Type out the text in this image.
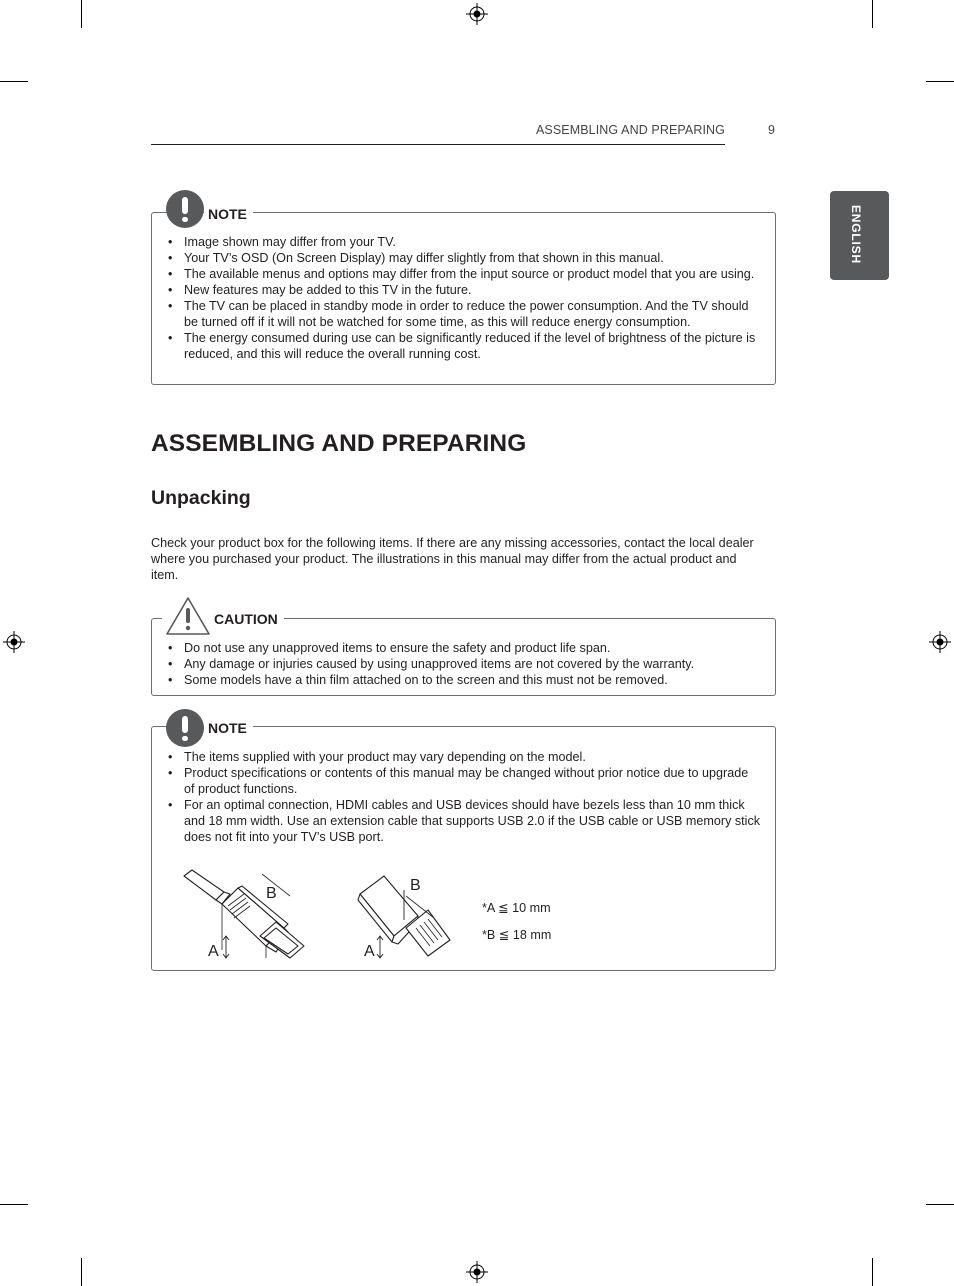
ASSEMBLING AND PREPARING	9
ENGLISH
• Image shown may differ from your TV.
• Your TV’s OSD (On Screen Display) may differ slightly from that shown in this manual.
• The available menus and options may differ from the input source or product model that you are using.
• New features may be added to this TV in the future.
• The TV can be placed in standby mode in order to reduce the power consumption. And the TV should be turned off if it will not be watched for some time, as this will reduce energy consumption.
• The energy consumed during use can be significantly reduced if the level of brightness of the picture is reduced, and this will reduce the overall running cost.
NOTE
ASSEMBLING AND PREPARING
Unpacking

Check your product box for the following items. If there are any missing accessories, contact the local dealer where you purchased your product. The illustrations in this manual may differ from the actual product and item.

• Do not use any unapproved items to ensure the safety and product life span.
• Any damage or injuries caused by using unapproved items are not covered by the warranty.
• Some models have a thin film attached on to the screen and this must not be removed.
CAUTION
• The items supplied with your product may vary depending on the model.
• Product specifications or contents of this manual may be changed without prior notice due to upgrade of product functions.
• For an optimal connection, HDMI cables and USB devices should have bezels less than 10 mm thick and 18 mm width. Use an extension cable that supports USB 2.0 if the USB cable or USB memory stick does not fit into your TV’s USB port.
NOTE
B
A
B
A
*A ≦ 10 mm
*B ≦ 18 mm
